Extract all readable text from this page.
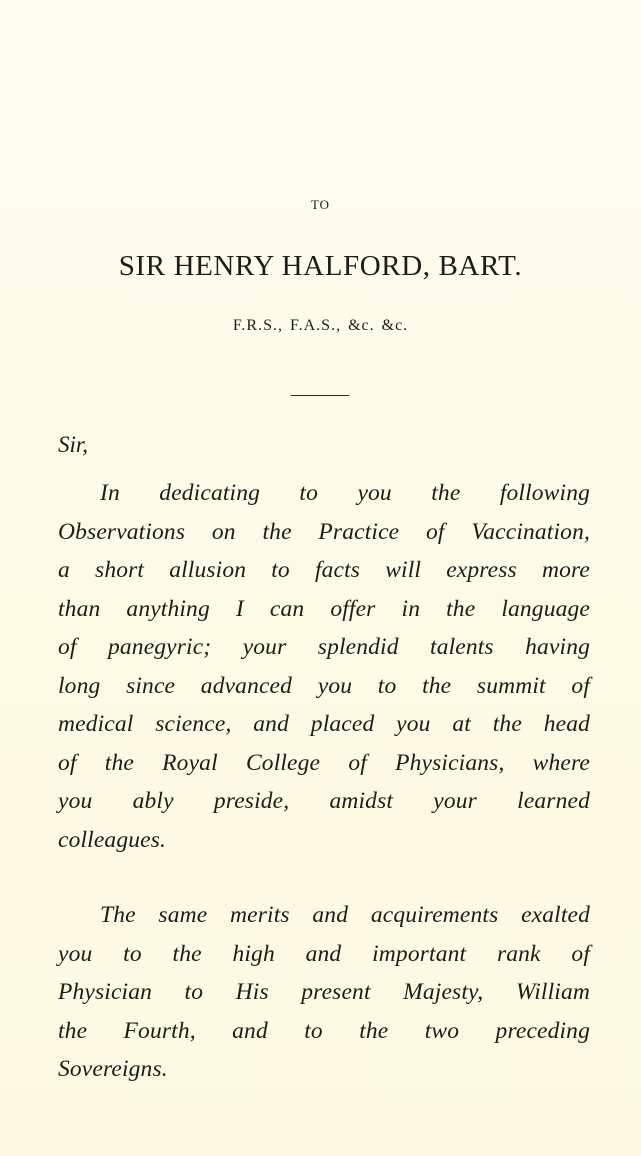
TO
SIR HENRY HALFORD, BART.
F.R.S., F.A.S., &c. &c.
Sir,
In dedicating to you the following
Observations on the Practice of Vaccination,
a short allusion to facts will express more
than anything I can offer in the language
of panegyric; your splendid talents having
long since advanced you to the summit of
medical science, and placed you at the head
of the Royal College of Physicians, where
you ably preside, amidst your learned
colleagues.
The same merits and acquirements exalted
you to the high and important rank of
Physician to His present Majesty, William
the Fourth, and to the two preceding
Sovereigns.
